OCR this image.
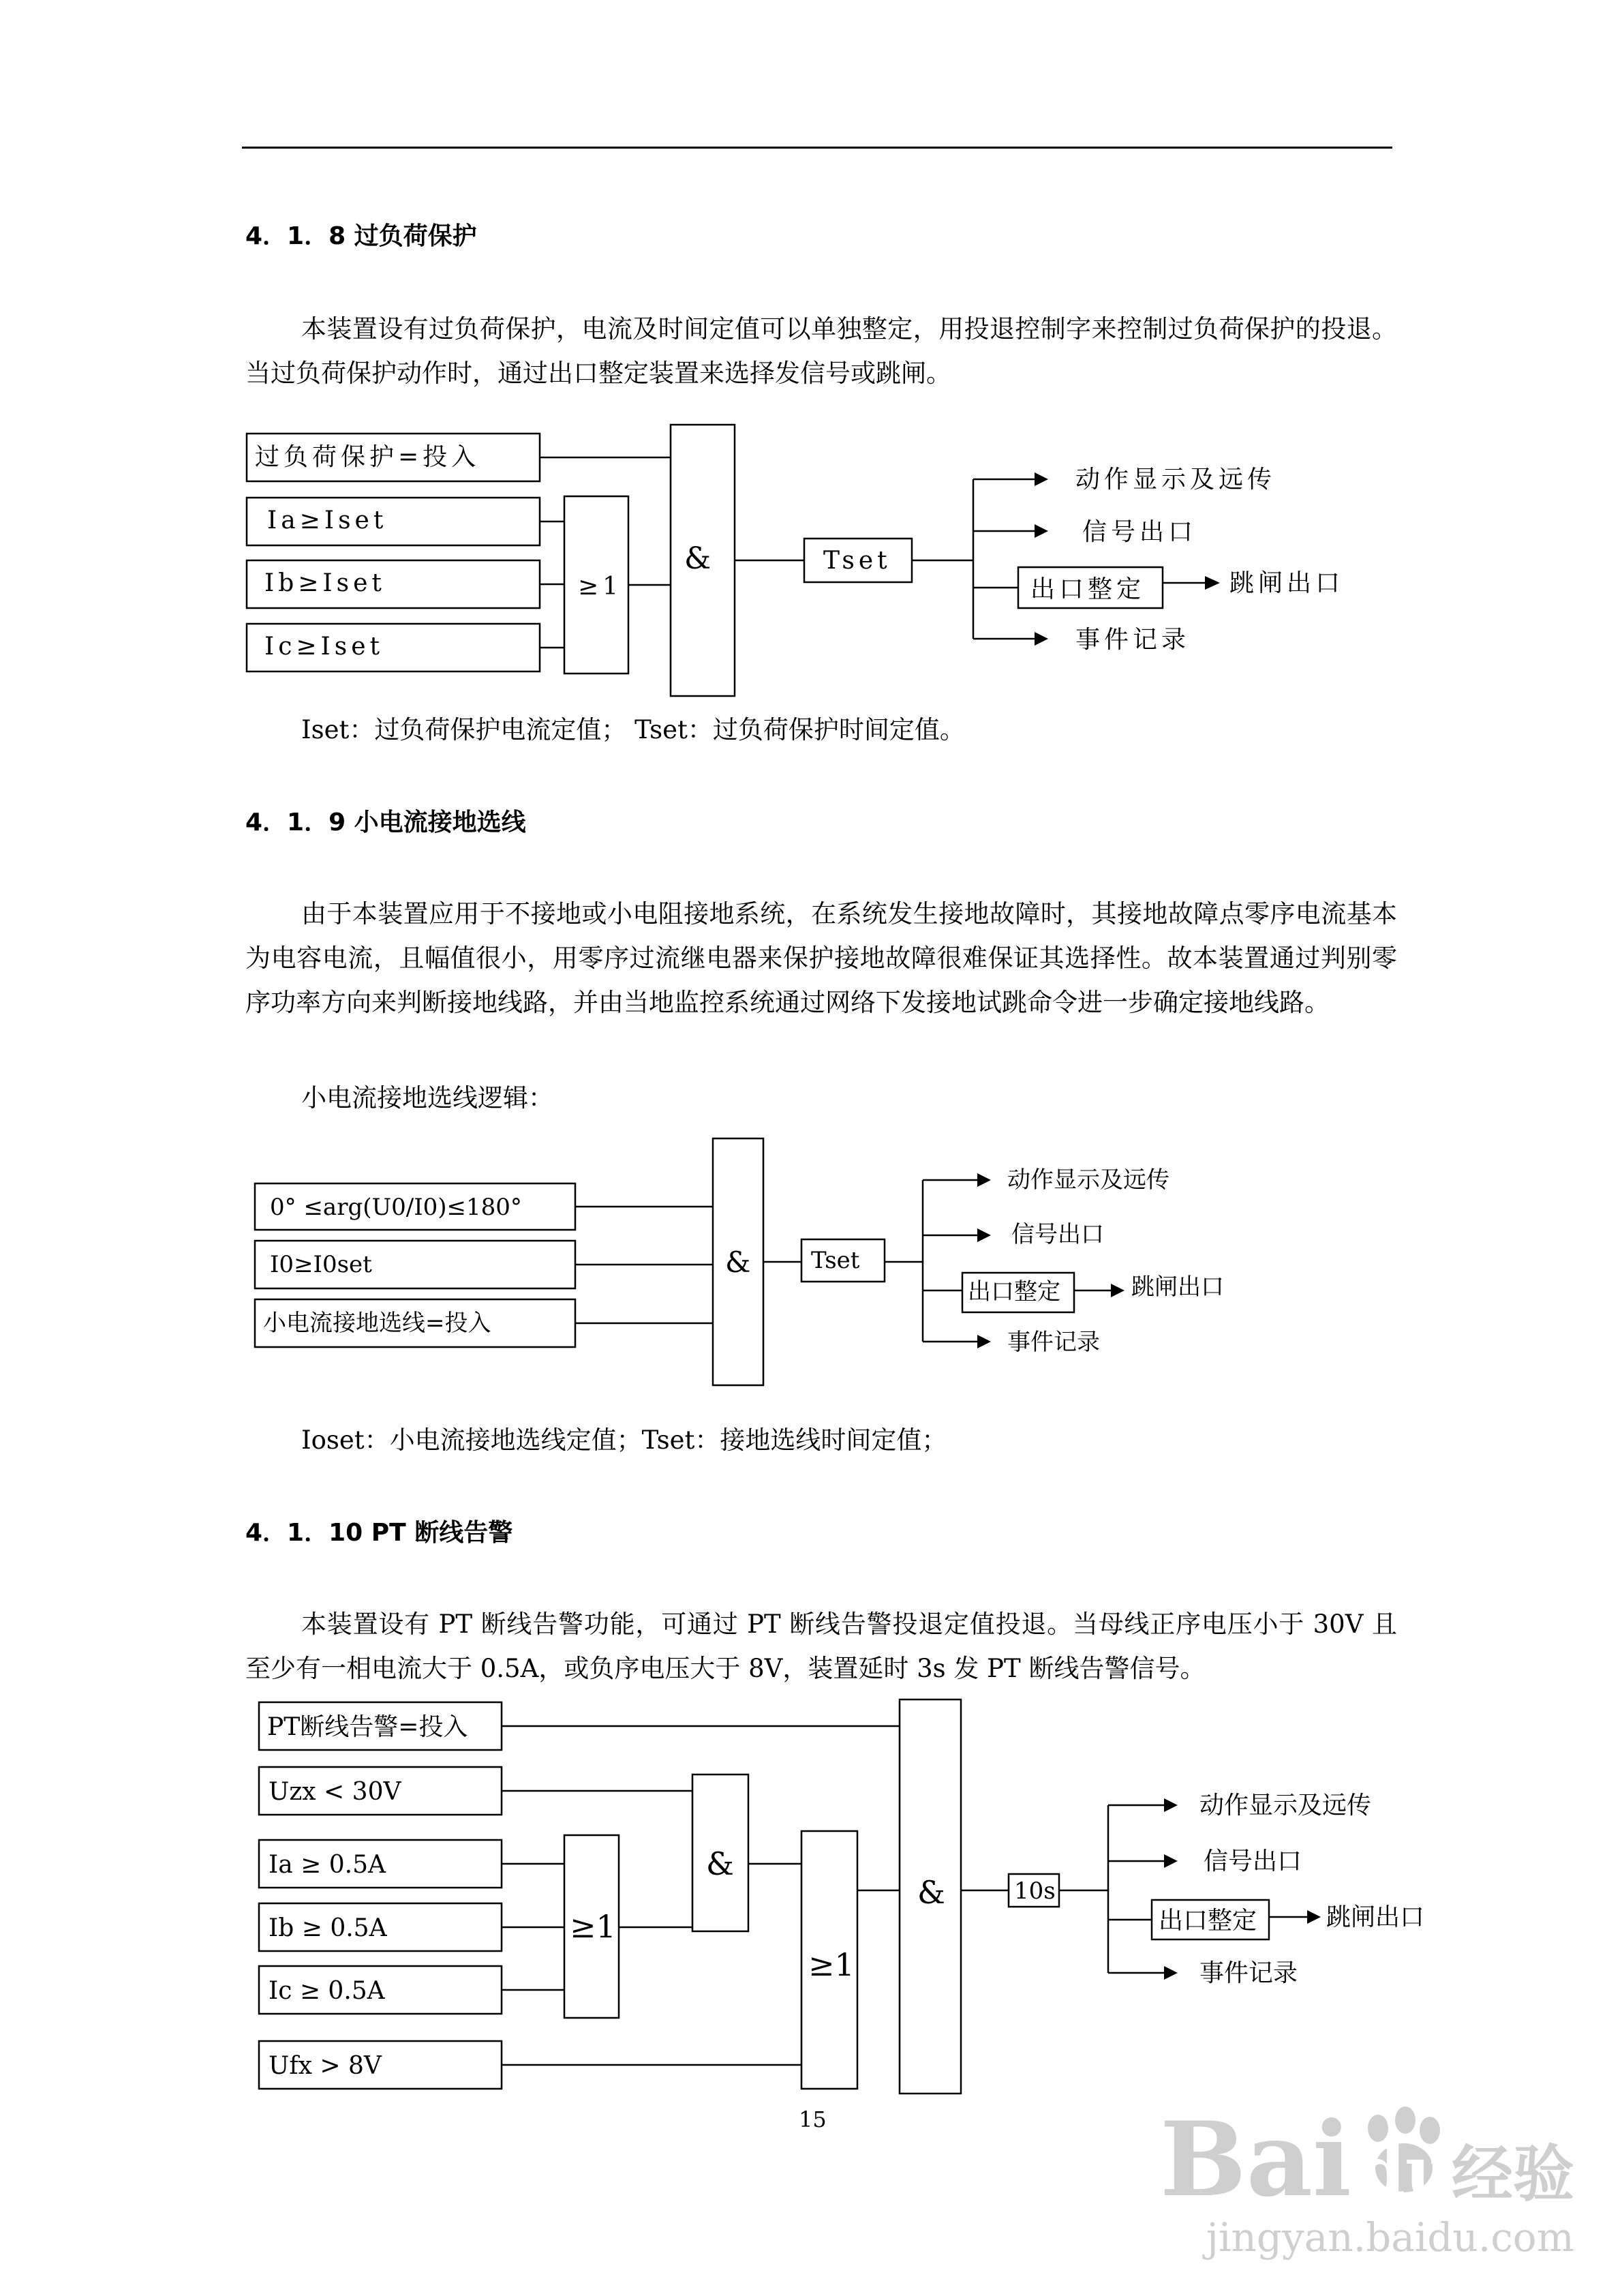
4．1．8 过负荷保护

本装置设有过负荷保护，电流及时间定值可以单独整定，用投退控制字来控制过负荷保护的投退。当过负荷保护动作时，通过出口整定装置来选择发信号或跳闸。

过负荷保护=投入
Ia≥Iset
Ib≥Iset
Ic≥Iset
≥1
&	Tset
动作显示及远传
信号出口
出口整定	跳闸出口
事件记录
Iset：过负荷保护电流定值； Tset：过负荷保护时间定值。
4．1．9 小电流接地选线

由于本装置应用于不接地或小电阻接地系统，在系统发生接地故障时，其接地故障点零序电流基本为电容电流，且幅值很小，用零序过流继电器来保护接地故障很难保证其选择性。故本装置通过判别零序功率方向来判断接地线路，并由当地监控系统通过网络下发接地试跳命令进一步确定接地线路。

小电流接地选线逻辑：
0° ≤arg(U0/I0)≤180°
I0≥I0set
小电流接地选线=投入
&	Tset
动作显示及远传
信号出口
出口整定	跳闸出口
事件记录
Ioset：小电流接地选线定值；Tset：接地选线时间定值；
4．1．10 PT 断线告警

本装置设有 PT 断线告警功能，可通过 PT 断线告警投退定值投退。当母线正序电压小于 30V 且至少有一相电流大于 0.5A，或负序电压大于 8V，装置延时 3s 发 PT 断线告警信号。

PT断线告警=投入
Uzx < 30V
Ia ≥ 0.5A
Ib ≥ 0.5A
Ic ≥ 0.5A
Ufx > 8V
≥1
&
≥1
&	10s
动作显示及远传
信号出口
出口整定	跳闸出口
事件记录
15	Bai du
经验
jingyan.baidu.com
